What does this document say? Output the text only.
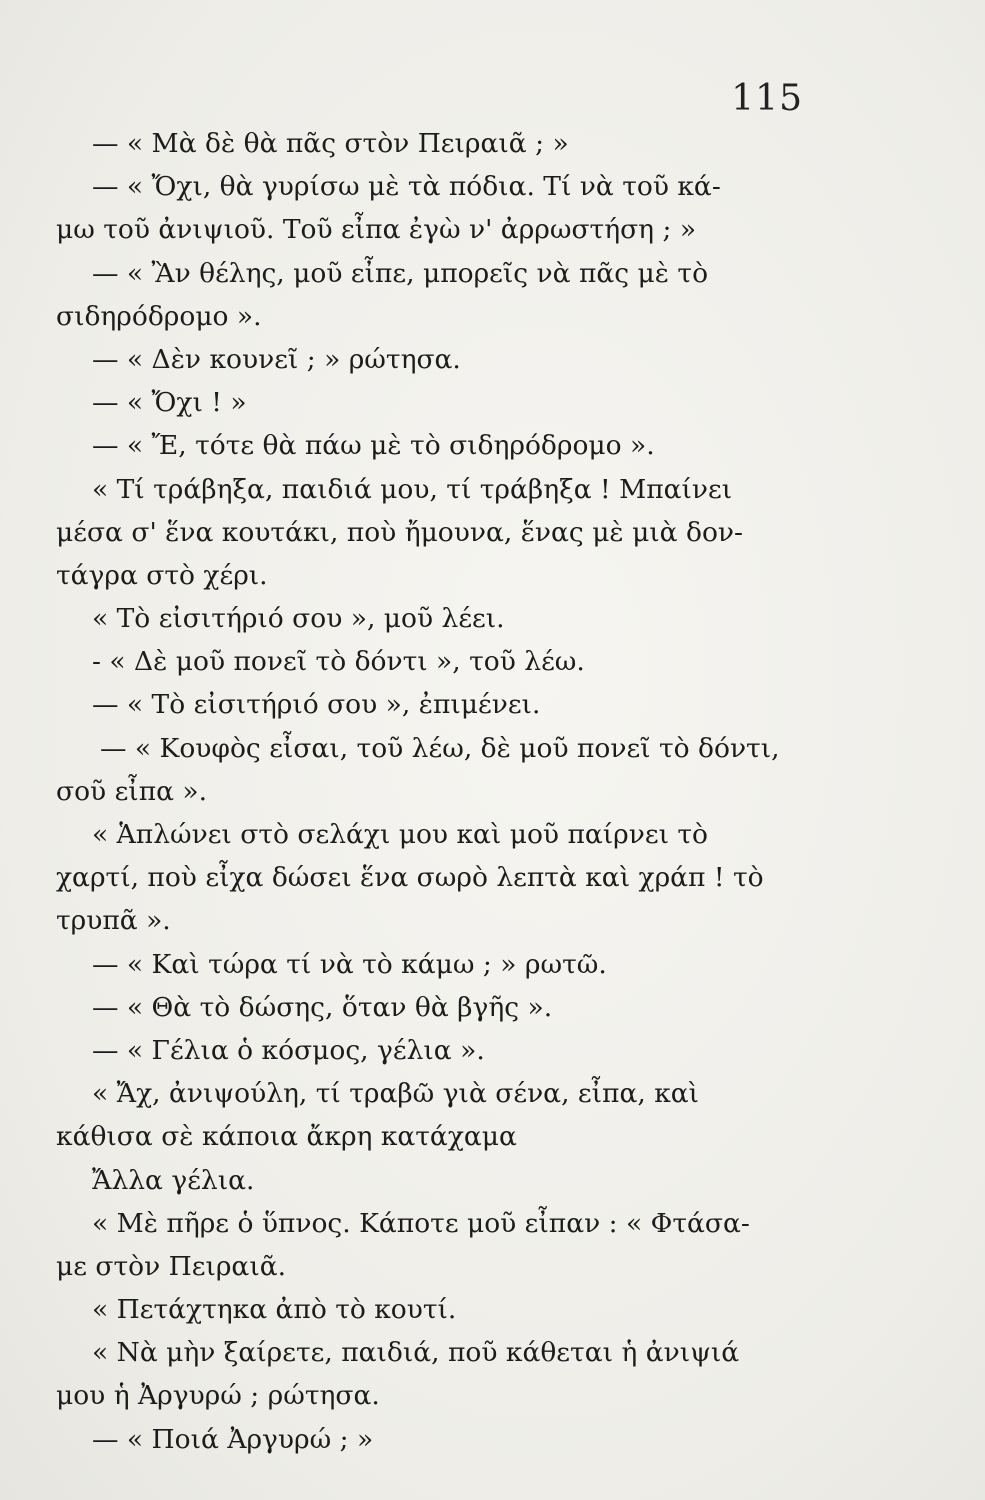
115
— « Μὰ δὲ θὰ πᾶς στὸν Πειραιᾶ ; »
— « Ὄχι, θὰ γυρίσω μὲ τὰ πόδια. Τί νὰ τοῦ κά-
μω τοῦ ἀνιψιοῦ. Τοῦ εἶπα ἐγὼ ν' ἀρρωστήση ; »
— « Ἂν θέλης, μοῦ εἶπε, μπορεῖς νὰ πᾶς μὲ τὸ
σιδηρόδρομο ».
— « Δὲν κουνεῖ ; » ρώτησα.
— « Ὄχι ! »
— « Ἔ, τότε θὰ πάω μὲ τὸ σιδηρόδρομο ».
« Τί τράβηξα, παιδιά μου, τί τράβηξα ! Μπαίνει
μέσα σ' ἕνα κουτάκι, ποὺ ἤμουνα, ἕνας μὲ μιὰ δον-
τάγρα στὸ χέρι.
« Τὸ εἰσιτήριό σου », μοῦ λέει.
- « Δὲ μοῦ πονεῖ τὸ δόντι », τοῦ λέω.
— « Τὸ εἰσιτήριό σου », ἐπιμένει.
— « Κουφὸς εἶσαι, τοῦ λέω, δὲ μοῦ πονεῖ τὸ δόντι,
σοῦ εἶπα ».
« Ἁπλώνει στὸ σελάχι μου καὶ μοῦ παίρνει τὸ
χαρτί, ποὺ εἶχα δώσει ἕνα σωρὸ λεπτὰ καὶ χράπ ! τὸ
τρυπᾶ ».
— « Καὶ τώρα τί νὰ τὸ κάμω ; » ρωτῶ.
— « Θὰ τὸ δώσης, ὅταν θὰ βγῆς ».
— « Γέλια ὁ κόσμος, γέλια ».
« Ἄχ, ἀνιψούλη, τί τραβῶ γιὰ σένα, εἶπα, καὶ
κάθισα σὲ κάποια ἄκρη κατάχαμα
Ἄλλα γέλια.
« Μὲ πῆρε ὁ ὕπνος. Κάποτε μοῦ εἶπαν : « Φτάσα-
με στὸν Πειραιᾶ.
« Πετάχτηκα ἀπὸ τὸ κουτί.
« Νὰ μὴν ξαίρετε, παιδιά, ποῦ κάθεται ἡ ἀνιψιά
μου ἡ Ἀργυρώ ; ρώτησα.
— « Ποιά Ἀργυρώ ; »
